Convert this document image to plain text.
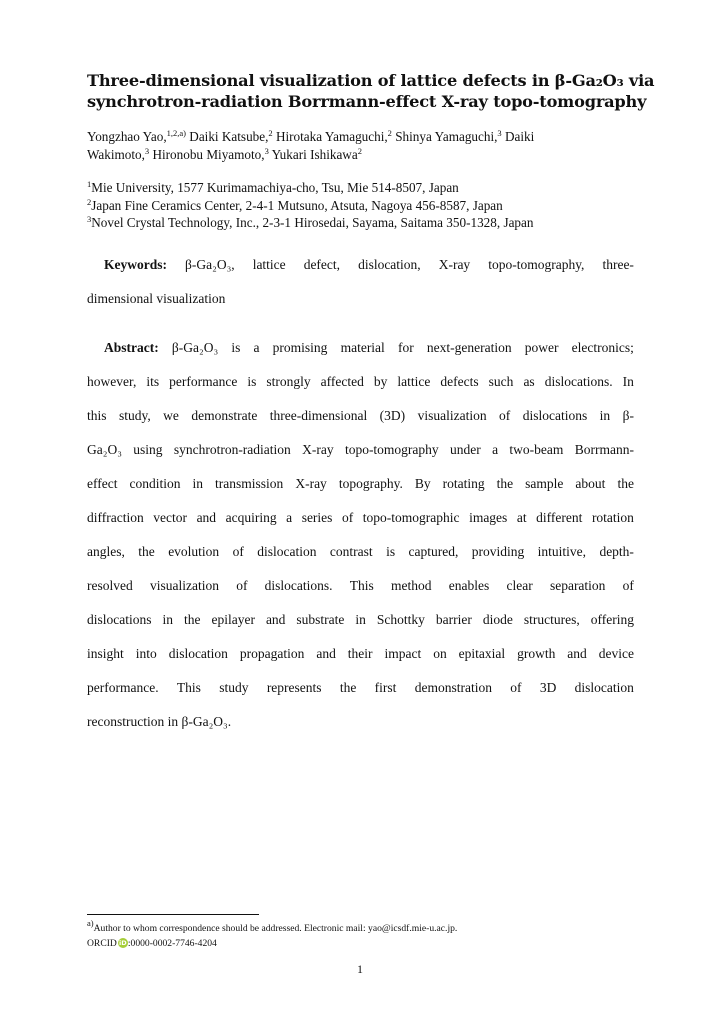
Three-dimensional visualization of lattice defects in β-Ga₂O₃ via
synchrotron-radiation Borrmann-effect X-ray topo-tomography
Yongzhao Yao,$^{1,2,a)}$ Daiki Katsube,$^2$ Hirotaka Yamaguchi,$^2$ Shinya Yamaguchi,$^3$ Daiki
Wakimoto,$^3$ Hironobu Miyamoto,$^3$ Yukari Ishikawa$^2$
$^1$Mie University, 1577 Kurimamachiya-cho, Tsu, Mie 514-8507, Japan
$^2$Japan Fine Ceramics Center, 2-4-1 Mutsuno, Atsuta, Nagoya 456-8587, Japan
$^3$Novel Crystal Technology, Inc., 2-3-1 Hirosedai, Sayama, Saitama 350-1328, Japan
Keywords: β-Ga₂O₃, lattice defect, dislocation, X-ray topo-tomography, three-
dimensional visualization
Abstract: β-Ga₂O₃ is a promising material for next-generation power electronics;
however, its performance is strongly affected by lattice defects such as dislocations. In
this study, we demonstrate three-dimensional (3D) visualization of dislocations in β-
Ga₂O₃ using synchrotron-radiation X-ray topo-tomography under a two-beam Borrmann-
effect condition in transmission X-ray topography. By rotating the sample about the
diffraction vector and acquiring a series of topo-tomographic images at different rotation
angles, the evolution of dislocation contrast is captured, providing intuitive, depth-
resolved visualization of dislocations. This method enables clear separation of
dislocations in the epilayer and substrate in Schottky barrier diode structures, offering
insight into dislocation propagation and their impact on epitaxial growth and device
performance. This study represents the first demonstration of 3D dislocation
reconstruction in β-Ga₂O₃.
$^{a)}$Author to whom correspondence should be addressed. Electronic mail: yao@icsdf.mie-u.ac.jp.
ORCID iD:0000-0002-7746-4204
1
